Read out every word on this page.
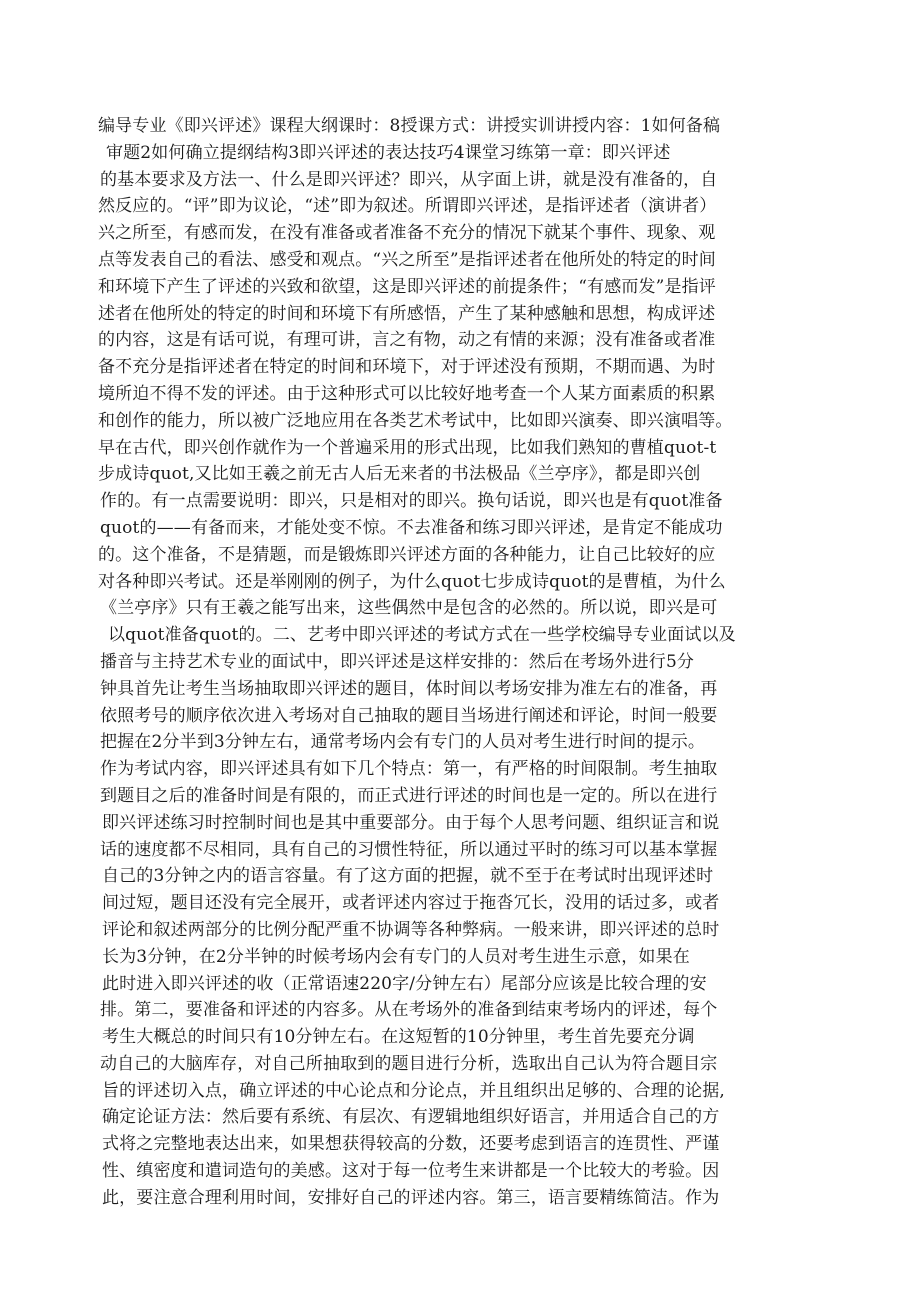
编导专业《即兴评述》课程大纲课时：8授课方式：讲授实训讲授内容：1如何备稿
审题2如何确立提纲结构3即兴评述的表达技巧4课堂习练第一章：即兴评述
的基本要求及方法一、什么是即兴评述？即兴，从字面上讲，就是没有准备的，自
然反应的。“评”即为议论，“述”即为叙述。所谓即兴评述，是指评述者（演讲者）
兴之所至，有感而发，在没有准备或者准备不充分的情况下就某个事件、现象、观
点等发表自己的看法、感受和观点。“兴之所至”是指评述者在他所处的特定的时间
和环境下产生了评述的兴致和欲望，这是即兴评述的前提条件；“有感而发”是指评
述者在他所处的特定的时间和环境下有所感悟，产生了某种感触和思想，构成评述
的内容，这是有话可说，有理可讲，言之有物，动之有情的来源；没有准备或者准
备不充分是指评述者在特定的时间和环境下，对于评述没有预期，不期而遇、为时
境所迫不得不发的评述。由于这种形式可以比较好地考查一个人某方面素质的积累
和创作的能力，所以被广泛地应用在各类艺术考试中，比如即兴演奏、即兴演唱等。
早在古代，即兴创作就作为一个普遍采用的形式出现，比如我们熟知的曹植quot-t
步成诗quot,又比如王羲之前无古人后无来者的书法极品《兰亭序》，都是即兴创
作的。有一点需要说明：即兴，只是相对的即兴。换句话说，即兴也是有quot准备
quot的——有备而来，才能处变不惊。不去准备和练习即兴评述，是肯定不能成功
的。这个准备，不是猜题，而是锻炼即兴评述方面的各种能力，让自己比较好的应
对各种即兴考试。还是举刚刚的例子，为什么quot七步成诗quot的是曹植，为什么
《兰亭序》只有王羲之能写出来，这些偶然中是包含的必然的。所以说，即兴是可
以quot准备quot的。二、艺考中即兴评述的考试方式在一些学校编导专业面试以及
播音与主持艺术专业的面试中，即兴评述是这样安排的：然后在考场外进行5分
钟具首先让考生当场抽取即兴评述的题目，体时间以考场安排为准左右的准备，再
依照考号的顺序依次进入考场对自己抽取的题目当场进行阐述和评论，时间一般要
把握在2分半到3分钟左右，通常考场内会有专门的人员对考生进行时间的提示。
作为考试内容，即兴评述具有如下几个特点：第一，有严格的时间限制。考生抽取
到题目之后的准备时间是有限的，而正式进行评述的时间也是一定的。所以在进行
即兴评述练习时控制时间也是其中重要部分。由于每个人思考问题、组织证言和说
话的速度都不尽相同，具有自己的习惯性特征，所以通过平时的练习可以基本掌握
自己的3分钟之内的语言容量。有了这方面的把握，就不至于在考试时出现评述时
间过短，题目还没有完全展开，或者评述内容过于拖沓冗长，没用的话过多，或者
评论和叙述两部分的比例分配严重不协调等各种弊病。一般来讲，即兴评述的总时
长为3分钟，在2分半钟的时候考场内会有专门的人员对考生进生示意，如果在
此时进入即兴评述的收（正常语速220字/分钟左右）尾部分应该是比较合理的安
排。第二，要准备和评述的内容多。从在考场外的准备到结束考场内的评述，每个
考生大概总的时间只有10分钟左右。在这短暂的10分钟里，考生首先要充分调
动自己的大脑库存，对自己所抽取到的题目进行分析，选取出自己认为符合题目宗
旨的评述切入点，确立评述的中心论点和分论点，并且组织出足够的、合理的论据,
确定论证方法：然后要有系统、有层次、有逻辑地组织好语言，并用适合自己的方
式将之完整地表达出来，如果想获得较高的分数，还要考虑到语言的连贯性、严谨
性、缜密度和遣词造句的美感。这对于每一位考生来讲都是一个比较大的考验。因
此，要注意合理利用时间，安排好自己的评述内容。第三，语言要精练简洁。作为
